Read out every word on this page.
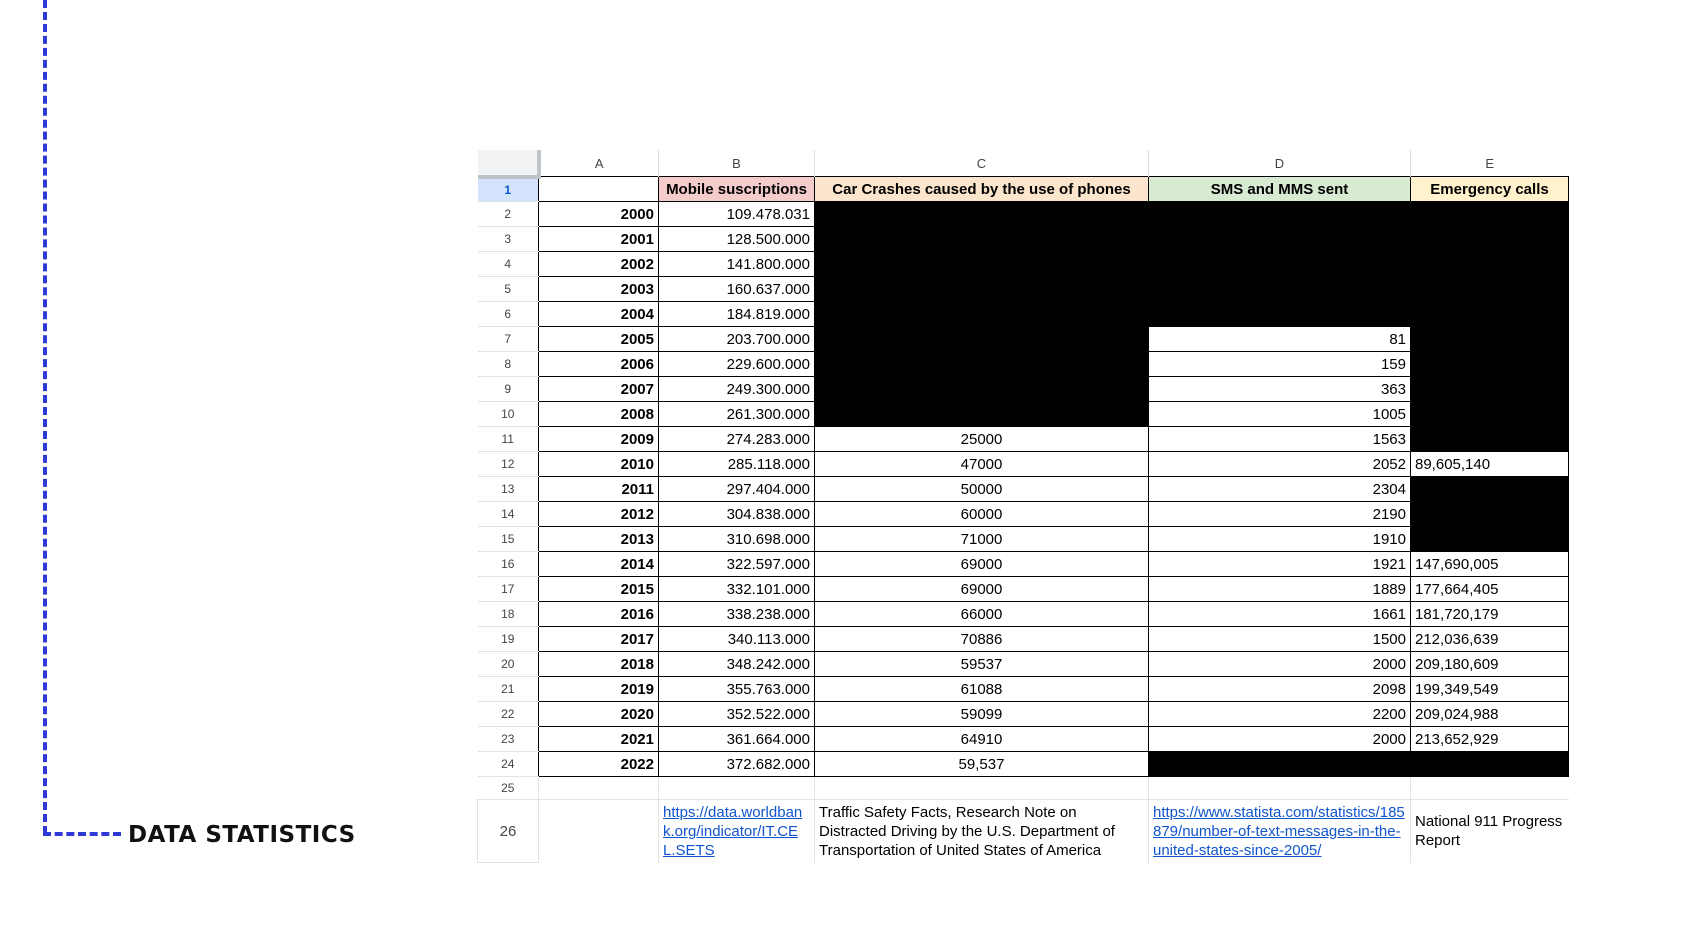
DATA STATISTICS
	A	B	C	D	E
1		Mobile suscriptions	Car Crashes caused by the use of phones	SMS and MMS sent	Emergency calls
2	2000	109.478.031			
3	2001	128.500.000			
4	2002	141.800.000			
5	2003	160.637.000			
6	2004	184.819.000			
7	2005	203.700.000		81	
8	2006	229.600.000		159	
9	2007	249.300.000		363	
10	2008	261.300.000		1005	
11	2009	274.283.000	25000	1563	
12	2010	285.118.000	47000	2052	89,605,140
13	2011	297.404.000	50000	2304	
14	2012	304.838.000	60000	2190	
15	2013	310.698.000	71000	1910	
16	2014	322.597.000	69000	1921	147,690,005
17	2015	332.101.000	69000	1889	177,664,405
18	2016	338.238.000	66000	1661	181,720,179
19	2017	340.113.000	70886	1500	212,036,639
20	2018	348.242.000	59537	2000	209,180,609
21	2019	355.763.000	61088	2098	199,349,549
22	2020	352.522.000	59099	2200	209,024,988
23	2021	361.664.000	64910	2000	213,652,929
24	2022	372.682.000	59,537		
25					
26		https://data.worldbank.org/indicator/IT.CEL.SETS	Traffic Safety Facts, Research Note on Distracted Driving by the U.S. Department of Transportation of United States of America	https://www.statista.com/statistics/185879/number-of-text-messages-in-the-united-states-since-2005/	National 911 Progress Report
